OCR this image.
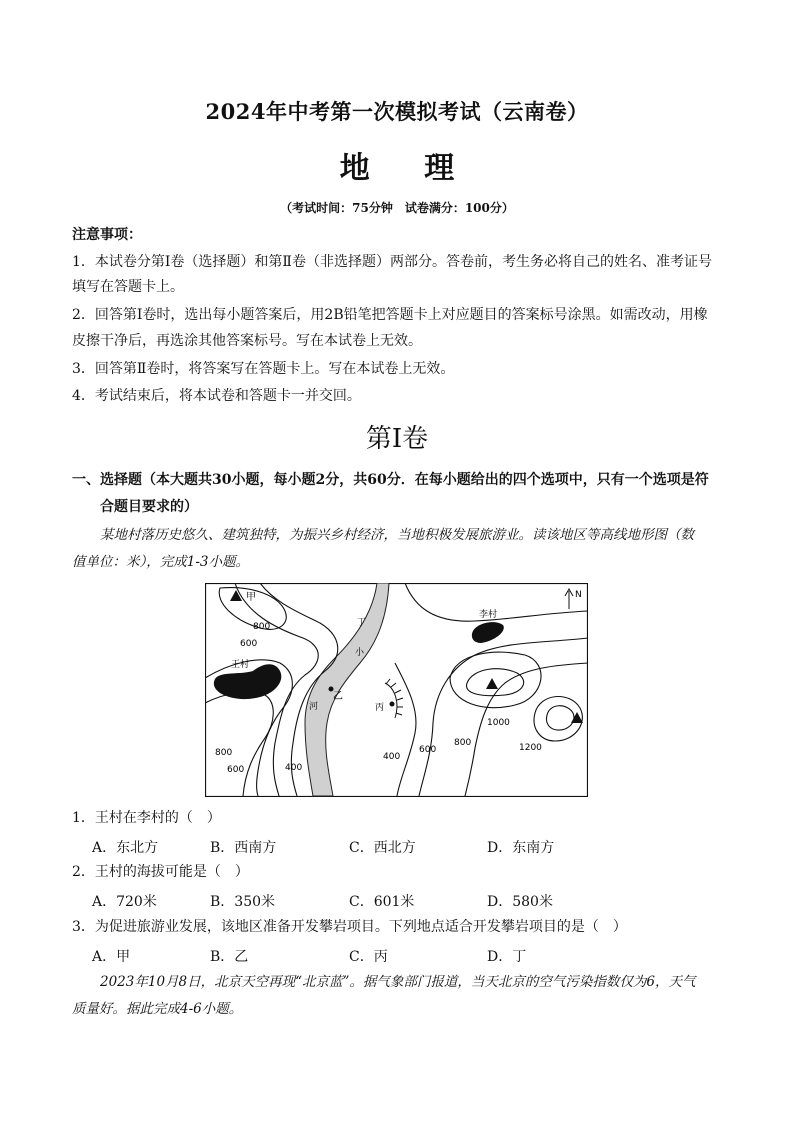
2024年中考第一次模拟考试（云南卷）
地 理
（考试时间：75分钟　试卷满分：100分）
注意事项：
1．本试卷分第Ⅰ卷（选择题）和第Ⅱ卷（非选择题）两部分。答卷前，考生务必将自己的姓名、准考证号
填写在答题卡上。
2．回答第Ⅰ卷时，选出每小题答案后，用2B铅笔把答题卡上对应题目的答案标号涂黑。如需改动，用橡
皮擦干净后，再选涂其他答案标号。写在本试卷上无效。
3．回答第Ⅱ卷时，将答案写在答题卡上。写在本试卷上无效。
4．考试结束后，将本试卷和答题卡一并交回。
第Ⅰ卷
一、选择题（本大题共30小题，每小题2分，共60分．在每小题给出的四个选项中，只有一个选项是符
合题目要求的）
某地村落历史悠久、建筑独特，为振兴乡村经济，当地积极发展旅游业。读该地区等高线地形图（数
值单位：米），完成1-3小题。
甲
乙
丙
丁
王村
李村
N
小
河
800
600
800
600	400
400
600
800
1000
1200
1．王村在李村的（　）
A．东北方	B．西南方	C．西北方	D．东南方
2．王村的海拔可能是（　）
A．720米	B．350米	C．601米	D．580米
3．为促进旅游业发展，该地区准备开发攀岩项目。下列地点适合开发攀岩项目的是（　）
A．甲	B．乙	C．丙	D．丁
2023年10月8日，北京天空再现“北京蓝”。据气象部门报道，当天北京的空气污染指数仅为6，天气
质量好。据此完成4-6小题。
